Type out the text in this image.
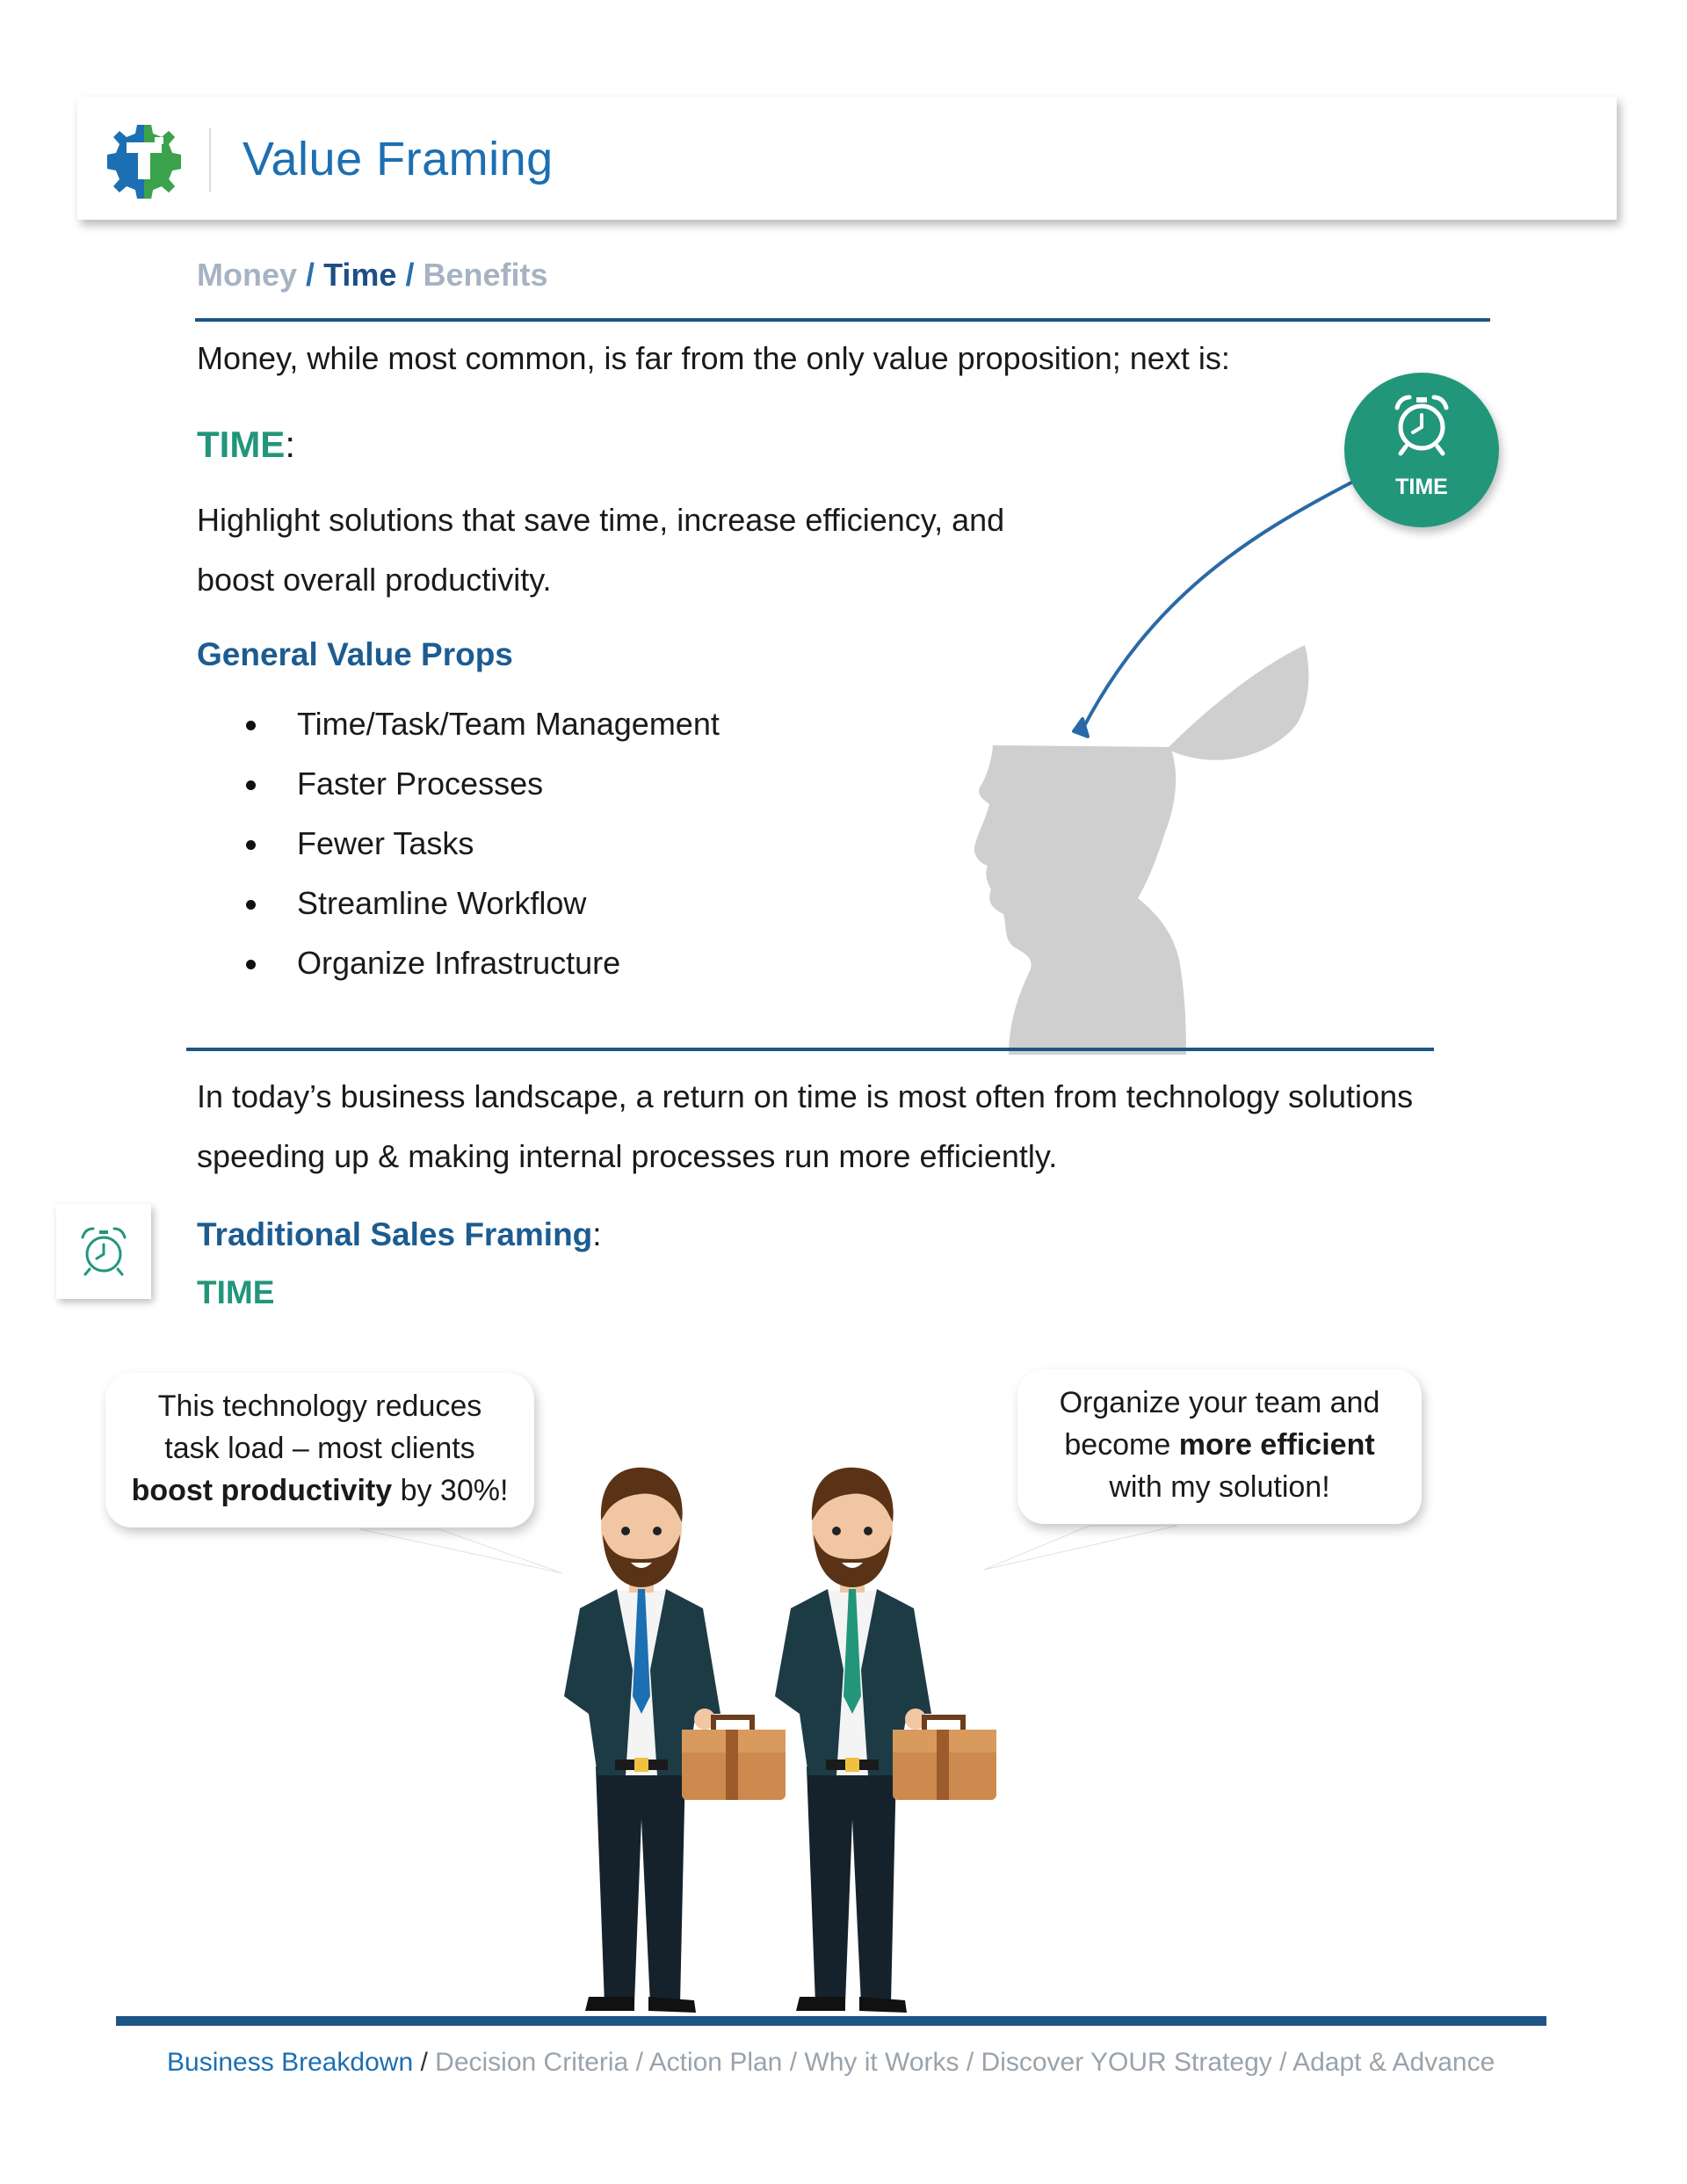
Value Framing
Money / Time / Benefits
Money, while most common, is far from the only value proposition; next is:
TIME:
Highlight solutions that save time, increase efficiency, and
boost overall productivity.
General Value Props
Time/Task/Team Management
Faster Processes
Fewer Tasks
Streamline Workflow
Organize Infrastructure
TIME
In today’s business landscape, a return on time is most often from technology solutions
speeding up & making internal processes run more efficiently.
Traditional Sales Framing:
TIME
This technology reduces
task load – most clients
boost productivity by 30%!
Organize your team and
become more efficient
with my solution!
Business Breakdown / Decision Criteria / Action Plan / Why it Works / Discover YOUR Strategy / Adapt & Advance
